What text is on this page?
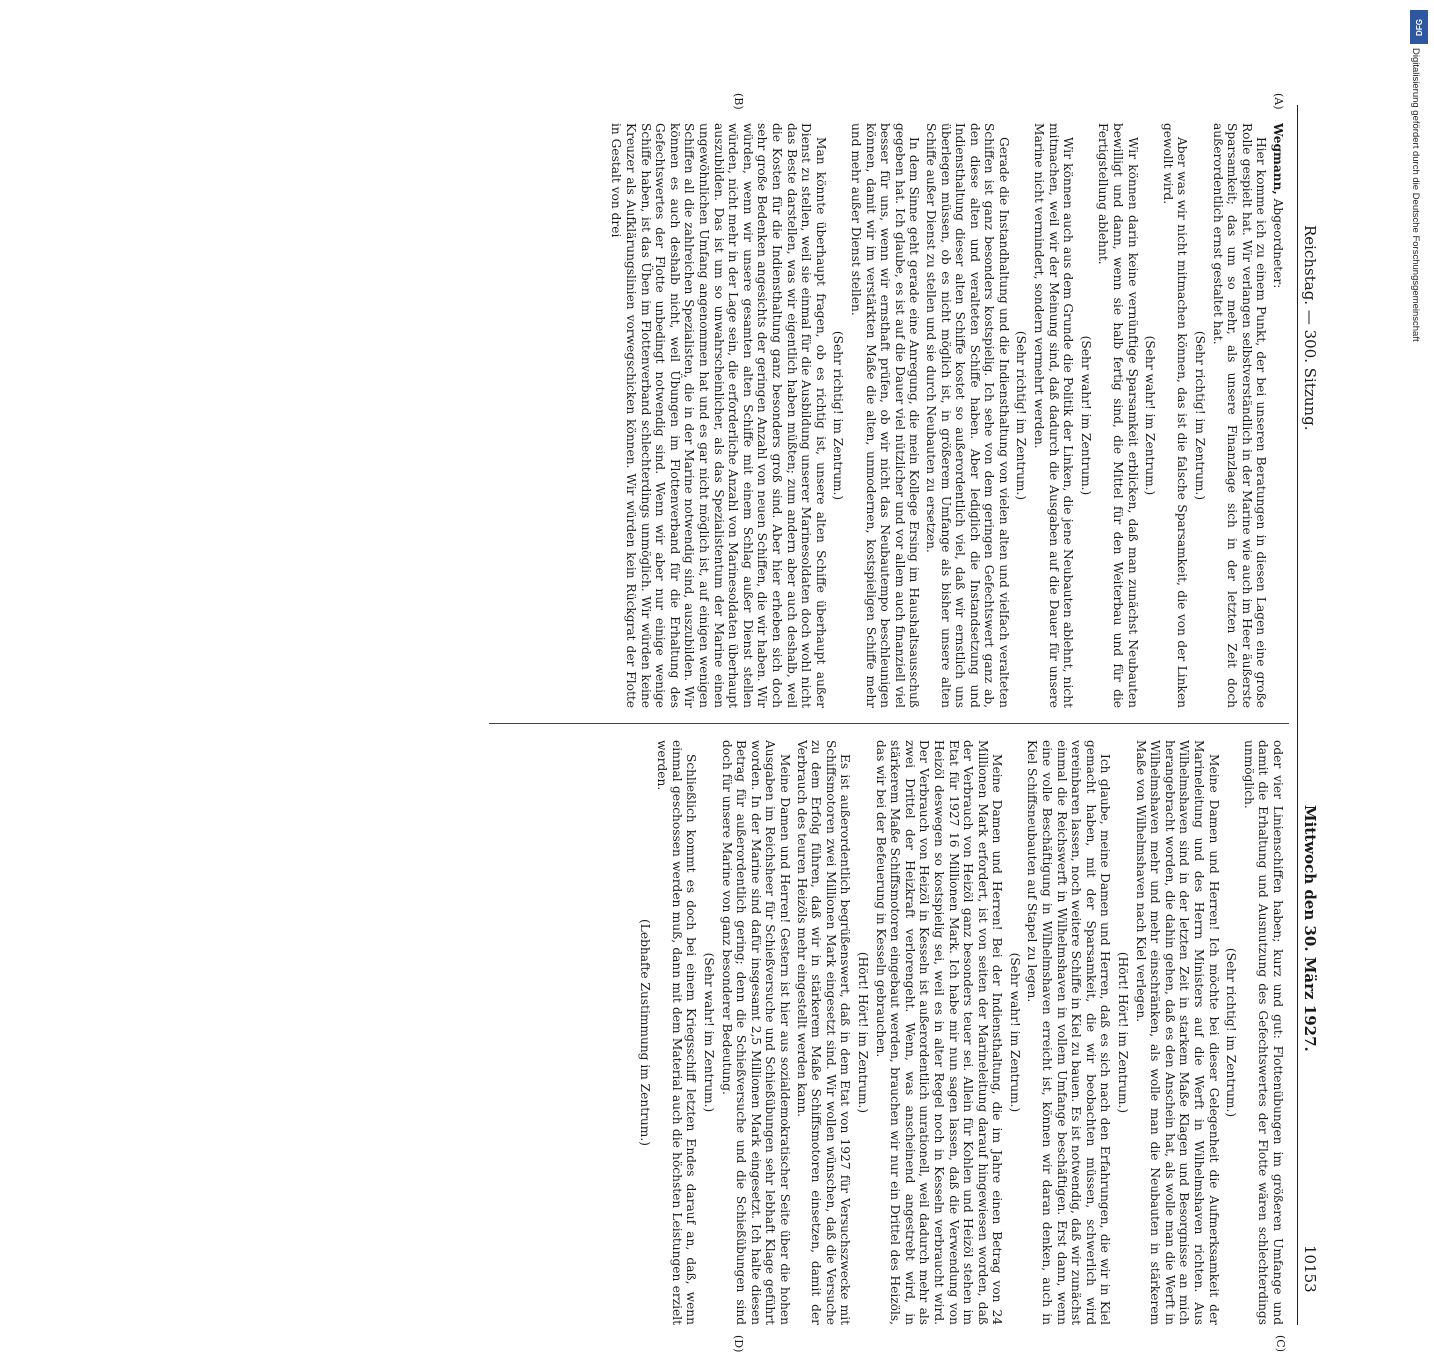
Reichstag. — 300. Sitzung.
Mittwoch den 30. März 1927.
10153
(A)
(B)
(C)
(D)

Wegmann, Abgeordneter:

Hier komme ich zu einem Punkt, der bei unseren Beratungen in diesen Lagen eine große Rolle gespielt hat. Wir verlangen selbstverständlich in der Marine wie auch im Heer äußerste Sparsamkeit; das um so mehr, als unsere Finanzlage sich in der letzten Zeit doch außerordentlich ernst gestaltet hat.

(Sehr richtig! im Zentrum.)

Aber was wir nicht mitmachen können, das ist die falsche Sparsamkeit, die von der Linken gewollt wird.

(Sehr wahr! im Zentrum.)

Wir können darin keine vernünftige Sparsamkeit erblicken, daß man zunächst Neubauten bewilligt und dann, wenn sie halb fertig sind, die Mittel für den Weiterbau und für die Fertigstellung ablehnt.

(Sehr wahr! im Zentrum.)

Wir können auch aus dem Grunde die Politik der Linken, die jene Neubauten ablehnt, nicht mitmachen, weil wir der Meinung sind, daß dadurch die Ausgaben auf die Dauer für unsere Marine nicht vermindert, sondern vermehrt werden.

(Sehr richtig! im Zentrum.)

Gerade die Instandhaltung und die Indiensthaltung von vielen alten und vielfach veralteten Schiffen ist ganz besonders kostspielig. Ich sehe von dem geringen Gefechtswert ganz ab, den diese alten und veralteten Schiffe haben. Aber lediglich die Instandsetzung und Indiensthaltung dieser alten Schiffe kostet so außerordentlich viel, daß wir ernstlich uns überlegen müssen, ob es nicht möglich ist, in größerem Umfange als bisher unsere alten Schiffe außer Dienst zu stellen und sie durch Neubauten zu ersetzen.

In dem Sinne geht gerade eine Anregung, die mein Kollege Ersing im Haushaltsausschuß gegeben hat. Ich glaube, es ist auf die Dauer viel nützlicher und vor allem auch finanziell viel besser für uns, wenn wir ernsthaft prüfen, ob wir nicht das Neubautempo beschleunigen können, damit wir im verstärkten Maße die alten, unmodernen, kostspieligen Schiffe mehr und mehr außer Dienst stellen.

(Sehr richtig! im Zentrum.)

Man könnte überhaupt fragen, ob es richtig ist, unsere alten Schiffe überhaupt außer Dienst zu stellen, weil sie einmal für die Ausbildung unserer Marinesoldaten doch wohl nicht das Beste darstellen, was wir eigentlich haben müßten; zum andern aber auch deshalb, weil die Kosten für die Indiensthaltung ganz besonders groß sind. Aber hier erheben sich doch sehr große Bedenken angesichts der geringen Anzahl von neuen Schiffen, die wir haben. Wir würden, wenn wir unsere gesamten alten Schiffe mit einem Schlag außer Dienst stellen würden, nicht mehr in der Lage sein, die erforderliche Anzahl von Marinesoldaten überhaupt auszubilden. Das ist um so unwahrscheinlicher, als das Spezialistentum der Marine einen ungewöhnlichen Umfang angenommen hat und es gar nicht möglich ist, auf einigen wenigen Schiffen all die zahlreichen Spezialisten, die in der Marine notwendig sind, auszubilden. Wir können es auch deshalb nicht, weil Übungen im Flottenverband für die Erhaltung des Gefechtswertes der Flotte unbedingt notwendig sind. Wenn wir aber nur einige wenige Schiffe haben, ist das Üben im Flottenverband schlechterdings unmöglich. Wir würden keine Kreuzer als Aufklärungslinien vorwegschicken können. Wir würden kein Rückgrat der Flotte in Gestalt von drei

oder vier Linienschiffen haben; kurz und gut: Flottenübungen im größeren Umfange und damit die Erhaltung und Ausnutzung des Gefechtswertes der Flotte wären schlechterdings unmöglich.

(Sehr richtig! im Zentrum.)

Meine Damen und Herren! Ich möchte bei dieser Gelegenheit die Aufmerksamkeit der Marineleitung und des Herrn Ministers auf die Werft in Wilhelmshaven richten. Aus Wilhelmshaven sind in der letzten Zeit in starkem Maße Klagen und Besorgnisse an mich herangebracht worden, die dahin gehen, daß es den Anschein hat, als wolle man die Werft in Wilhelmshaven mehr und mehr einschränken, als wolle man die Neubauten in stärkerem Maße von Wilhelmshaven nach Kiel verlegen.

(Hört! Hört! im Zentrum.)

Ich glaube, meine Damen und Herren, daß es sich nach den Erfahrungen, die wir in Kiel gemacht haben, mit der Sparsamkeit, die wir beobachten müssen, schwerlich wird vereinbaren lassen, noch weitere Schiffe in Kiel zu bauen. Es ist notwendig, daß wir zunächst einmal die Reichswerft in Wilhelmshaven in vollem Umfange beschäftigen. Erst dann, wenn eine volle Beschäftigung in Wilhelmshaven erreicht ist, können wir daran denken, auch in Kiel Schiffsneubauten auf Stapel zu legen.

(Sehr wahr! im Zentrum.)

Meine Damen und Herren! Bei der Indiensthaltung, die im Jahre einen Betrag von 24 Millionen Mark erfordert, ist von seiten der Marineleitung darauf hingewiesen worden, daß der Verbrauch von Heizöl ganz besonders teuer sei. Allein für Kohlen und Heizöl stehen im Etat für 1927 16 Millionen Mark. Ich habe mir nun sagen lassen, daß die Verwendung von Heizöl deswegen so kostspielig sei, weil es in alter Regel noch in Kesseln verbraucht wird. Der Verbrauch von Heizöl in Kesseln ist außerordentlich unrationell, weil dadurch mehr als zwei Drittel der Heizkraft verlorengeht. Wenn, was anscheinend angestrebt wird, in stärkerem Maße Schiffsmotoren eingebaut werden, brauchen wir nur ein Drittel des Heizöls, das wir bei der Befeuerung in Kesseln gebrauchen.

(Hört! Hört! im Zentrum.)

Es ist außerordentlich begrüßenswert, daß in dem Etat von 1927 für Versuchszwecke mit Schiffsmotoren zwei Millionen Mark eingesetzt sind. Wir wollen wünschen, daß die Versuche zu dem Erfolg führen, daß wir in stärkerem Maße Schiffsmotoren einsetzen, damit der Verbrauch des teuren Heizöls mehr eingestellt werden kann.

Meine Damen und Herren! Gestern ist hier aus sozialdemokratischer Seite über die hohen Ausgaben im Reichsheer für Schießversuche und Schießübungen sehr lebhaft Klage geführt worden. In der Marine sind dafür insgesamt 2,5 Millionen Mark eingesetzt. Ich halte diesen Betrag für außerordentlich gering; denn die Schießversuche und die Schießübungen sind doch für unsere Marine von ganz besonderer Bedeutung.

(Sehr wahr! im Zentrum.)

Schließlich kommt es doch bei einem Kriegsschiff letzten Endes darauf an, daß, wenn einmal geschossen werden muß, dann mit dem Material auch die höchsten Leistungen erzielt werden.

(Lebhafte Zustimmung im Zentrum.)

DFG
Digitalisierung gefördert durch die Deutsche Forschungsgemeinschaft
